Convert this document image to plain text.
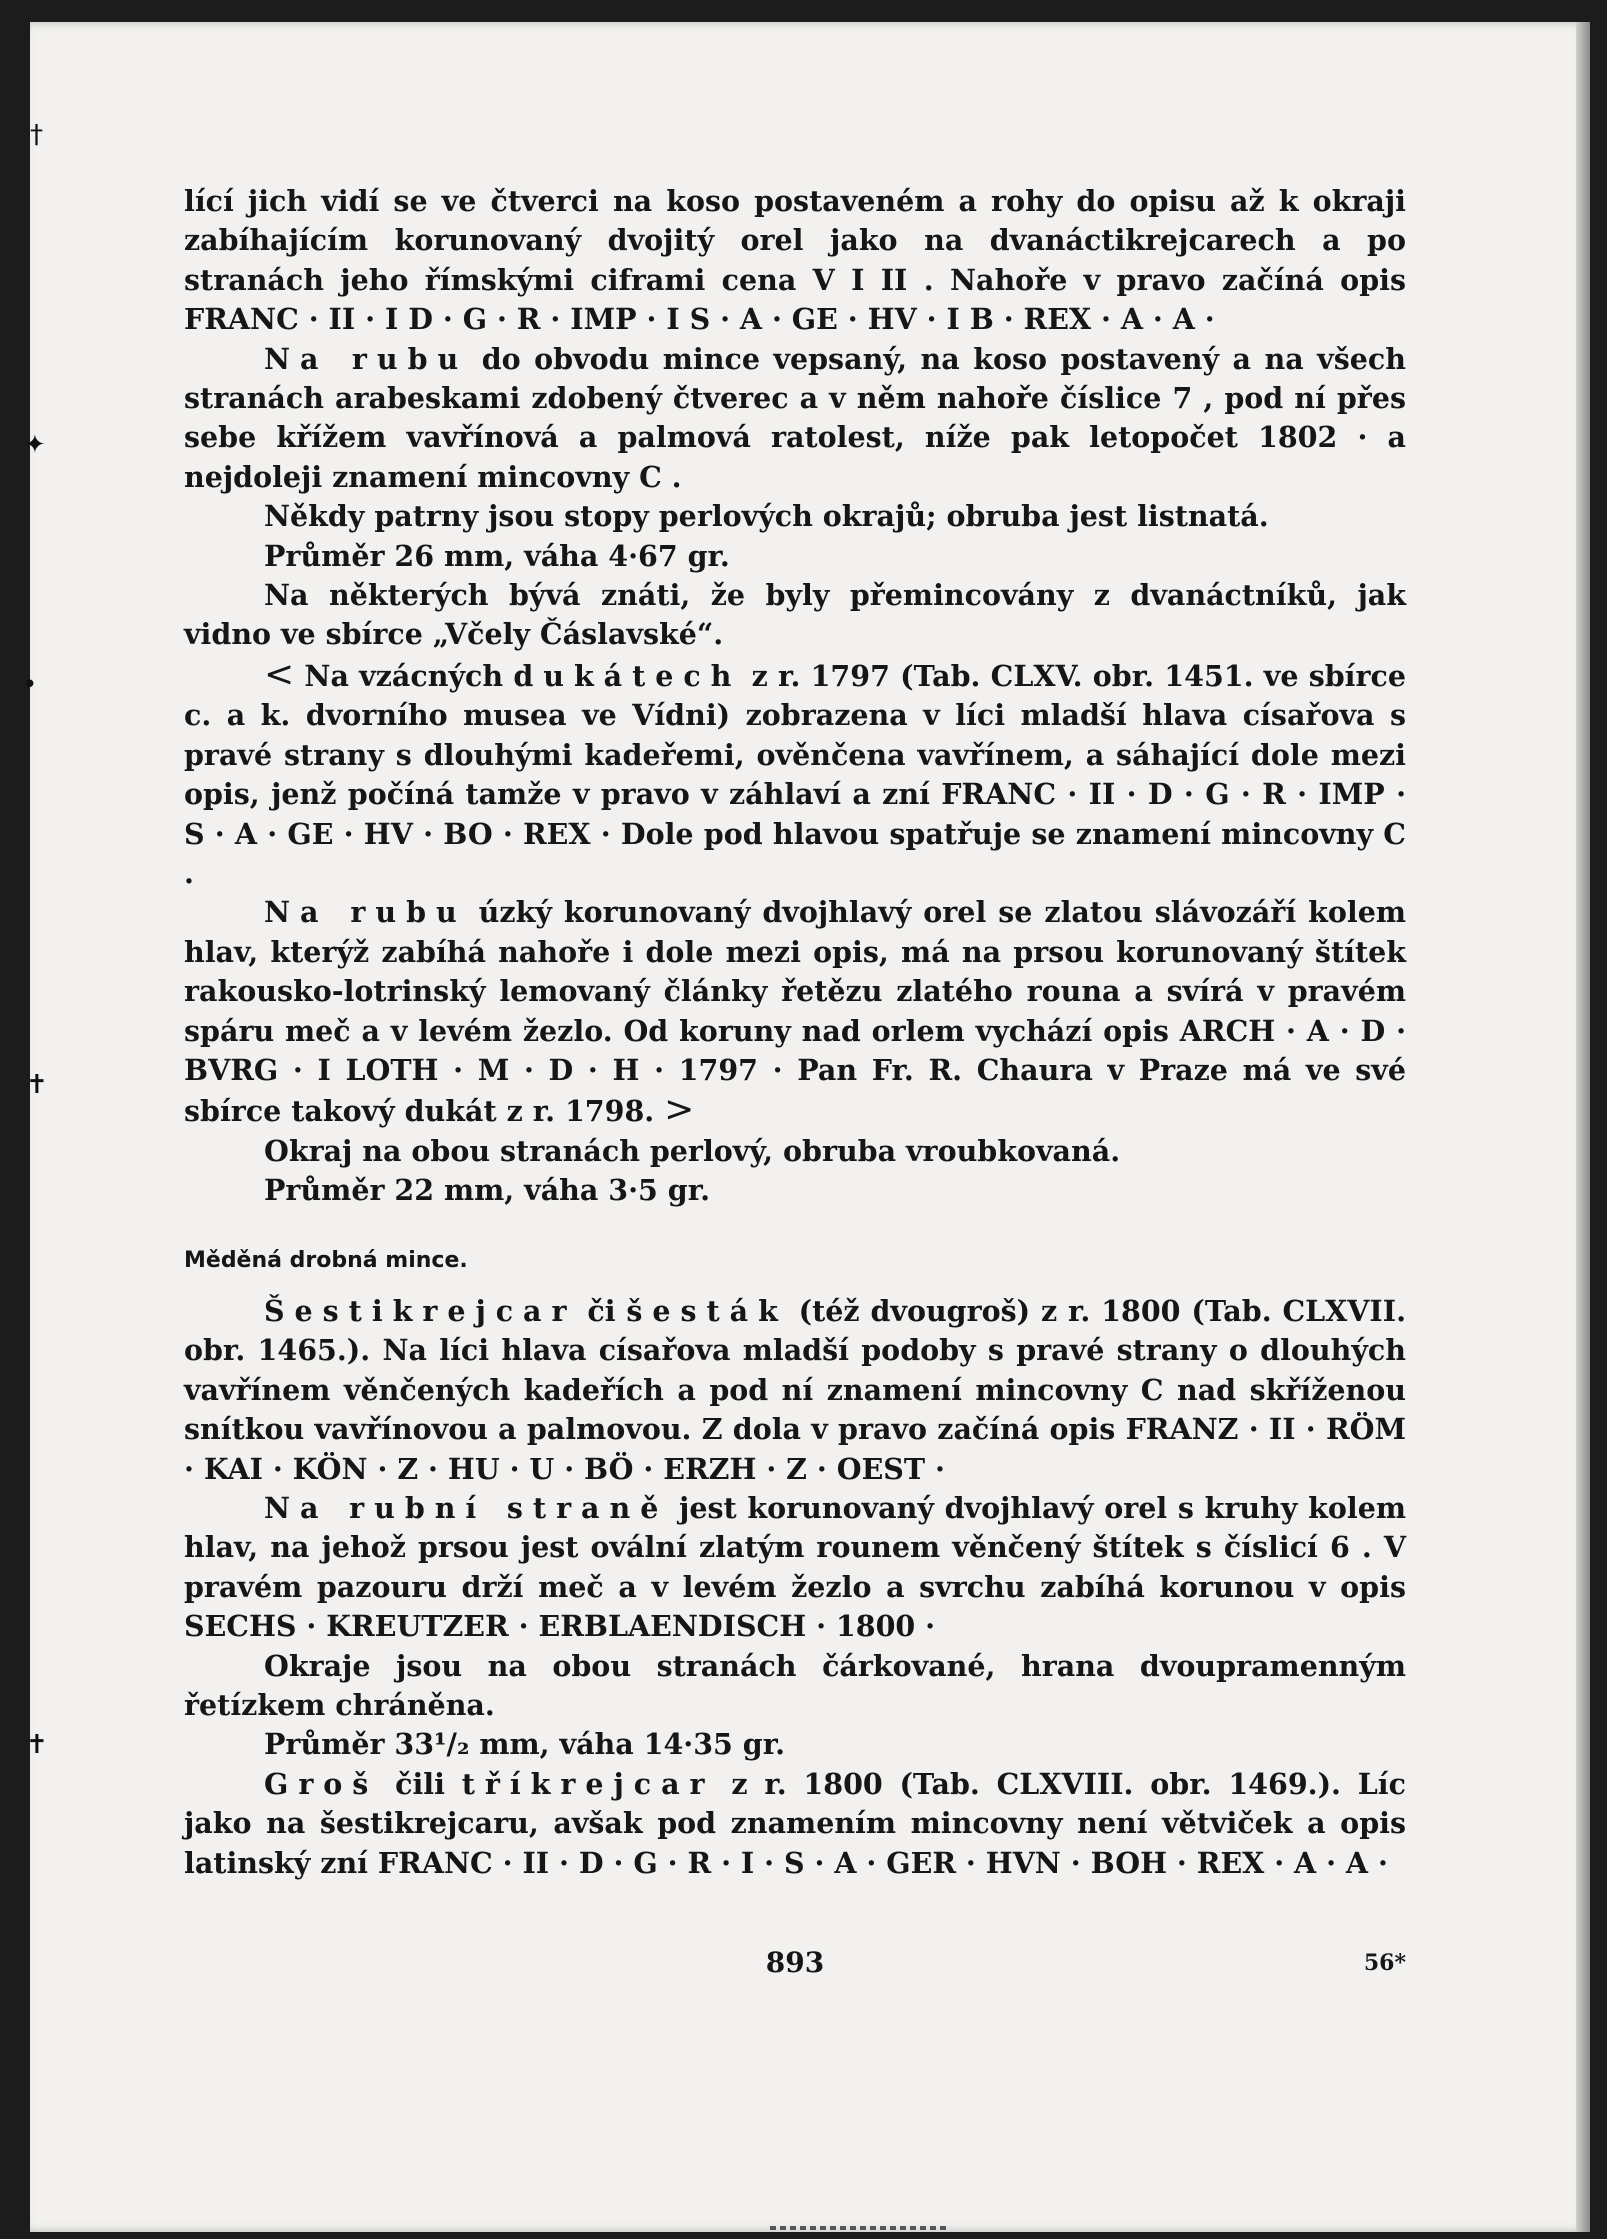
†
✦
•
✝
✝

lící jich vidí se ve čtverci na koso postaveném a rohy do opisu až k okraji zabíhajícím korunovaný dvojitý orel jako na dvanáctikrejcarech a po stranách jeho římskými ciframi cena V I II . Nahoře v pravo začíná opis FRANC · II · I D · G · R · IMP · I S · A · GE · HV · I B · REX · A · A ·

Na rubu do obvodu mince vepsaný, na koso postavený a na všech stranách arabeskami zdobený čtverec a v něm nahoře číslice 7 , pod ní přes sebe křížem vavřínová a palmová ratolest, níže pak letopočet 1802 · a nejdoleji znamení mincovny C .

Někdy patrny jsou stopy perlových okrajů; obruba jest listnatá.

Průměr 26 mm, váha 4·67 gr.

Na některých bývá znáti, že byly přemincovány z dvanáctníků, jak vidno ve sbírce „Včely Čáslavské“.

< Na vzácných dukátech z r. 1797 (Tab. CLXV. obr. 1451. ve sbírce c. a k. dvorního musea ve Vídni) zobrazena v líci mladší hlava císařova s pravé strany s dlouhými kadeřemi, ověnčena vavřínem, a sáhající dole mezi opis, jenž počíná tamže v pravo v záhlaví a zní FRANC · II · D · G · R · IMP · S · A · GE · HV · BO · REX · Dole pod hlavou spatřuje se znamení mincovny C .

Na rubu úzký korunovaný dvojhlavý orel se zlatou slávozáří kolem hlav, kterýž zabíhá nahoře i dole mezi opis, má na prsou korunovaný štítek rakousko-lotrinský lemovaný články řetězu zlatého rouna a svírá v pravém spáru meč a v levém žezlo. Od koruny nad orlem vychází opis ARCH · A · D · BVRG · I LOTH · M · D · H · 1797 · Pan Fr. R. Chaura v Praze má ve své sbírce takový dukát z r. 1798. >

Okraj na obou stranách perlový, obruba vroubkovaná.

Průměr 22 mm, váha 3·5 gr.

Měděná drobná mince.

Šestikrejcar či šesták (též dvougroš) z r. 1800 (Tab. CLXVII. obr. 1465.). Na líci hlava císařova mladší podoby s pravé strany o dlouhých vavřínem věnčených kadeřích a pod ní znamení mincovny C nad skříženou snítkou vavřínovou a palmovou. Z dola v pravo začíná opis FRANZ · II · RÖM · KAI · KÖN · Z · HU · U · BÖ · ERZH · Z · OEST ·

Na rubní straně jest korunovaný dvojhlavý orel s kruhy kolem hlav, na jehož prsou jest ovální zlatým rounem věnčený štítek s číslicí 6 . V pravém pazouru drží meč a v levém žezlo a svrchu zabíhá korunou v opis SECHS · KREUTZER · ERBLAENDISCH · 1800 ·

Okraje jsou na obou stranách čárkované, hrana dvoupramenným řetízkem chráněna.

Průměr 33¹/₂ mm, váha 14·35 gr.

Groš čili tříkrejcar z r. 1800 (Tab. CLXVIII. obr. 1469.). Líc jako na šestikrejcaru, avšak pod znamením mincovny není větviček a opis latinský zní FRANC · II · D · G · R · I · S · A · GER · HVN · BOH · REX · A · A ·

893	56*
